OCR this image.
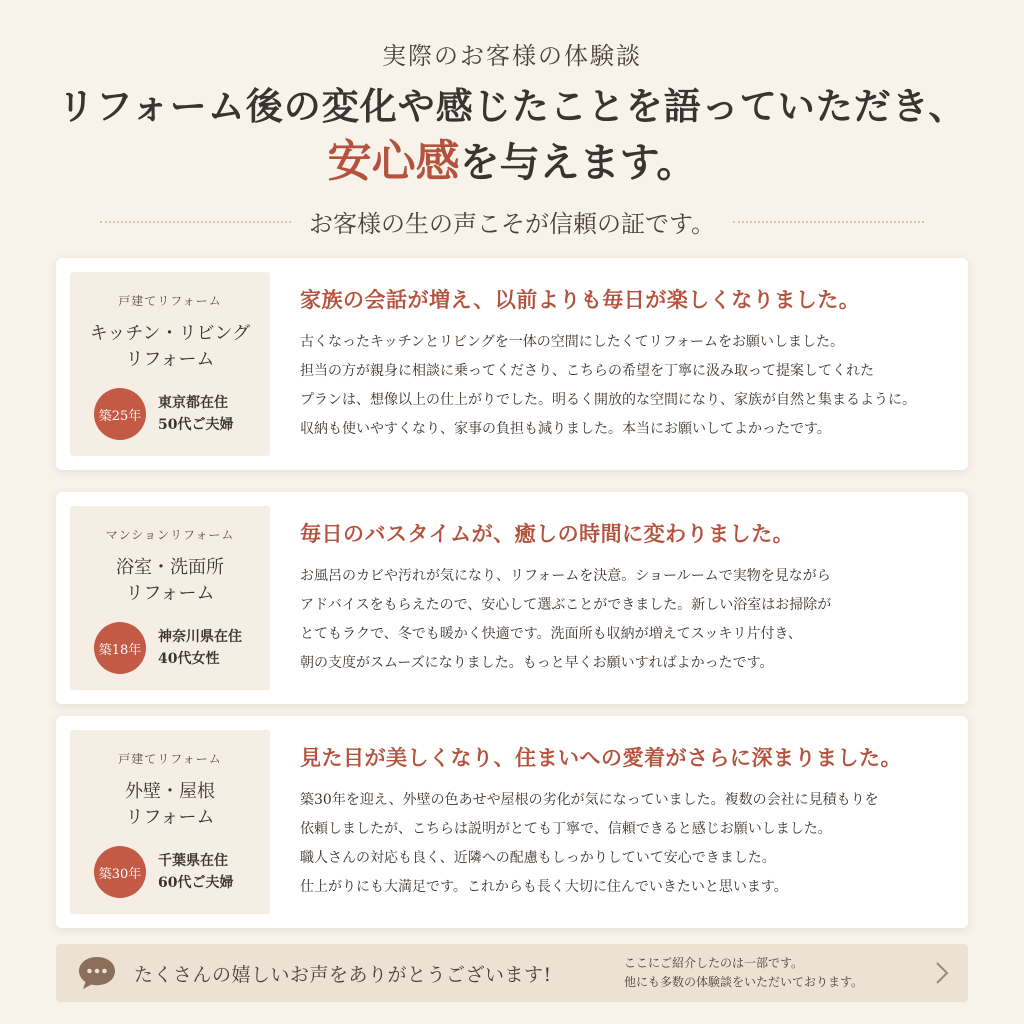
実際のお客様の体験談
リフォーム後の変化や感じたことを語っていただき、
安心感を与えます。
お客様の生の声こそが信頼の証です。
戸建てリフォーム
キッチン・リビング
リフォーム
築25年
東京都在住
50代ご夫婦
家族の会話が増え、以前よりも毎日が楽しくなりました。
古くなったキッチンとリビングを一体の空間にしたくてリフォームをお願いしました。
担当の方が親身に相談に乗ってくださり、こちらの希望を丁寧に汲み取って提案してくれた
プランは、想像以上の仕上がりでした。明るく開放的な空間になり、家族が自然と集まるように。
収納も使いやすくなり、家事の負担も減りました。本当にお願いしてよかったです。
マンションリフォーム
浴室・洗面所
リフォーム
築18年
神奈川県在住
40代女性
毎日のバスタイムが、癒しの時間に変わりました。
お風呂のカビや汚れが気になり、リフォームを決意。ショールームで実物を見ながら
アドバイスをもらえたので、安心して選ぶことができました。新しい浴室はお掃除が
とてもラクで、冬でも暖かく快適です。洗面所も収納が増えてスッキリ片付き、
朝の支度がスムーズになりました。もっと早くお願いすればよかったです。
戸建てリフォーム
外壁・屋根
リフォーム
築30年
千葉県在住
60代ご夫婦
見た目が美しくなり、住まいへの愛着がさらに深まりました。
築30年を迎え、外壁の色あせや屋根の劣化が気になっていました。複数の会社に見積もりを
依頼しましたが、こちらは説明がとても丁寧で、信頼できると感じお願いしました。
職人さんの対応も良く、近隣への配慮もしっかりしていて安心できました。
仕上がりにも大満足です。これからも長く大切に住んでいきたいと思います。
たくさんの嬉しいお声をありがとうございます!
ここにご紹介したのは一部です。
他にも多数の体験談をいただいております。
